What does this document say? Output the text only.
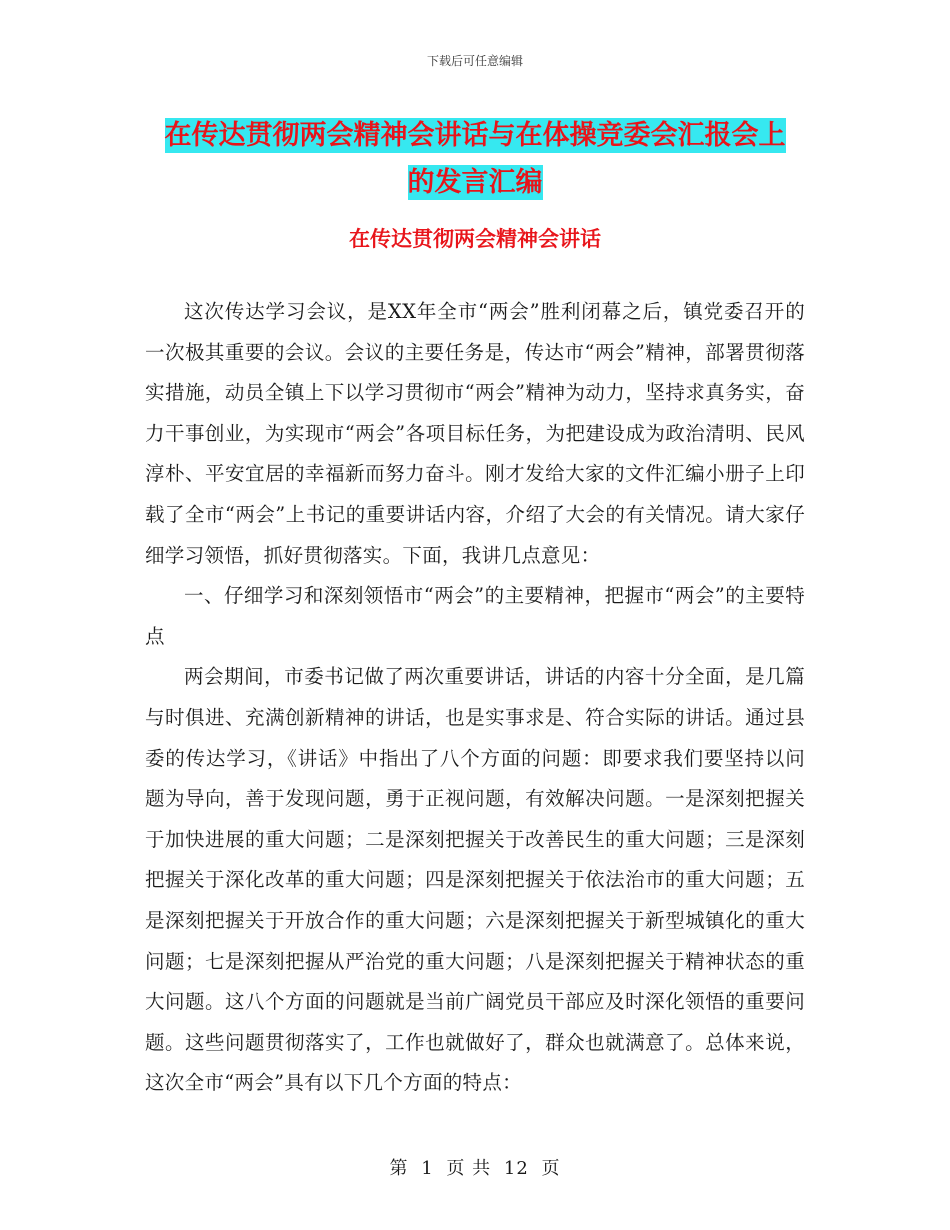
下载后可任意编辑
在传达贯彻两会精神会讲话与在体操竞委会汇报会上
的发言汇编
在传达贯彻两会精神会讲话

这次传达学习会议，是XX年全市“两会”胜利闭幕之后，镇党委召开的一次极其重要的会议。会议的主要任务是，传达市“两会”精神，部署贯彻落实措施，动员全镇上下以学习贯彻市“两会”精神为动力，坚持求真务实，奋力干事创业，为实现市“两会”各项目标任务，为把建设成为政治清明、民风淳朴、平安宜居的幸福新而努力奋斗。刚才发给大家的文件汇编小册子上印载了全市“两会”上书记的重要讲话内容，介绍了大会的有关情况。请大家仔细学习领悟，抓好贯彻落实。下面，我讲几点意见：

一、仔细学习和深刻领悟市“两会”的主要精神，把握市“两会”的主要特点

两会期间，市委书记做了两次重要讲话，讲话的内容十分全面，是几篇与时俱进、充满创新精神的讲话，也是实事求是、符合实际的讲话。通过县委的传达学习，《讲话》中指出了八个方面的问题：即要求我们要坚持以问题为导向，善于发现问题，勇于正视问题，有效解决问题。一是深刻把握关于加快进展的重大问题；二是深刻把握关于改善民生的重大问题；三是深刻把握关于深化改革的重大问题；四是深刻把握关于依法治市的重大问题；五是深刻把握关于开放合作的重大问题；六是深刻把握关于新型城镇化的重大问题；七是深刻把握从严治党的重大问题；八是深刻把握关于精神状态的重大问题。这八个方面的问题就是当前广阔党员干部应及时深化领悟的重要问题。这些问题贯彻落实了，工作也就做好了，群众也就满意了。总体来说，这次全市“两会”具有以下几个方面的特点：

第 1 页 共 12 页
